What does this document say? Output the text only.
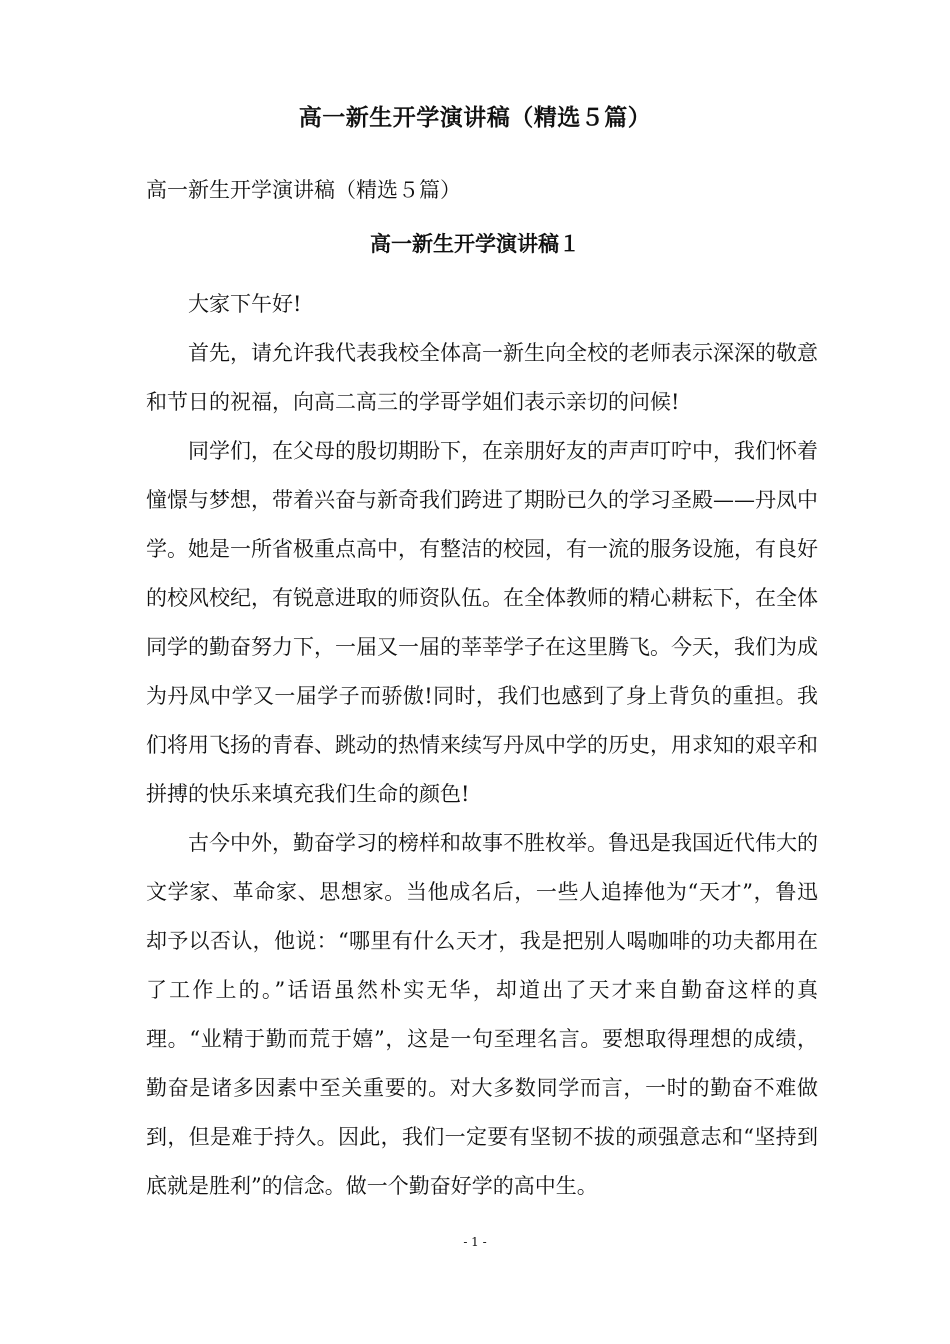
高一新生开学演讲稿（精选５篇）
高一新生开学演讲稿（精选５篇）
高一新生开学演讲稿１

大家下午好!

首先，请允许我代表我校全体高一新生向全校的老师表示深深的敬意和节日的祝福，向高二高三的学哥学姐们表示亲切的问候!

同学们，在父母的殷切期盼下，在亲朋好友的声声叮咛中，我们怀着憧憬与梦想，带着兴奋与新奇我们跨进了期盼已久的学习圣殿——丹凤中学。她是一所省极重点高中，有整洁的校园，有一流的服务设施，有良好的校风校纪，有锐意进取的师资队伍。在全体教师的精心耕耘下，在全体同学的勤奋努力下，一届又一届的莘莘学子在这里腾飞。今天，我们为成为丹凤中学又一届学子而骄傲!同时，我们也感到了身上背负的重担。我们将用飞扬的青春、跳动的热情来续写丹凤中学的历史，用求知的艰辛和拼搏的快乐来填充我们生命的颜色!

古今中外，勤奋学习的榜样和故事不胜枚举。鲁迅是我国近代伟大的文学家、革命家、思想家。当他成名后，一些人追捧他为“天才”，鲁迅却予以否认，他说：“哪里有什么天才，我是把别人喝咖啡的功夫都用在了工作上的。”话语虽然朴实无华，却道出了天才来自勤奋这样的真理。“业精于勤而荒于嬉”，这是一句至理名言。要想取得理想的成绩，勤奋是诸多因素中至关重要的。对大多数同学而言，一时的勤奋不难做到，但是难于持久。因此，我们一定要有坚韧不拔的顽强意志和“坚持到底就是胜利”的信念。做一个勤奋好学的高中生。

- 1 -
